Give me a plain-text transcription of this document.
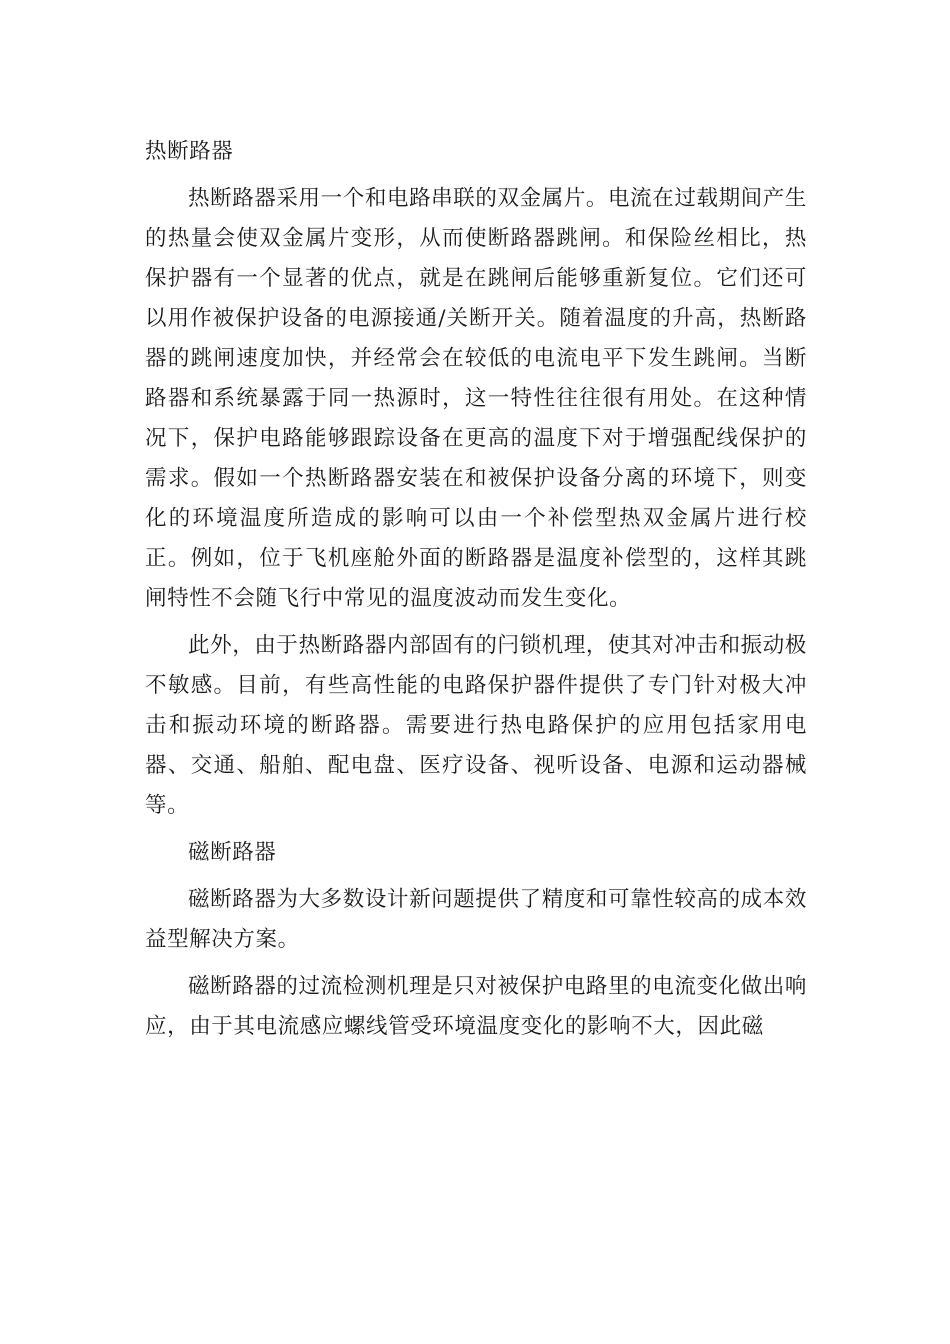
热断路器

热断路器采用一个和电路串联的双金属片。电流在过载期间产生的热量会使双金属片变形，从而使断路器跳闸。和保险丝相比，热保护器有一个显著的优点，就是在跳闸后能够重新复位。它们还可以用作被保护设备的电源接通/关断开关。随着温度的升高，热断路器的跳闸速度加快，并经常会在较低的电流电平下发生跳闸。当断路器和系统暴露于同一热源时，这一特性往往很有用处。在这种情况下，保护电路能够跟踪设备在更高的温度下对于增强配线保护的需求。假如一个热断路器安装在和被保护设备分离的环境下，则变化的环境温度所造成的影响可以由一个补偿型热双金属片进行校正。例如，位于飞机座舱外面的断路器是温度补偿型的，这样其跳闸特性不会随飞行中常见的温度波动而发生变化。

此外，由于热断路器内部固有的闩锁机理，使其对冲击和振动极不敏感。目前，有些高性能的电路保护器件提供了专门针对极大冲击和振动环境的断路器。需要进行热电路保护的应用包括家用电器、交通、船舶、配电盘、医疗设备、视听设备、电源和运动器械等。

磁断路器

磁断路器为大多数设计新问题提供了精度和可靠性较高的成本效益型解决方案。

磁断路器的过流检测机理是只对被保护电路里的电流变化做出响应，由于其电流感应螺线管受环境温度变化的影响不大，因此磁
